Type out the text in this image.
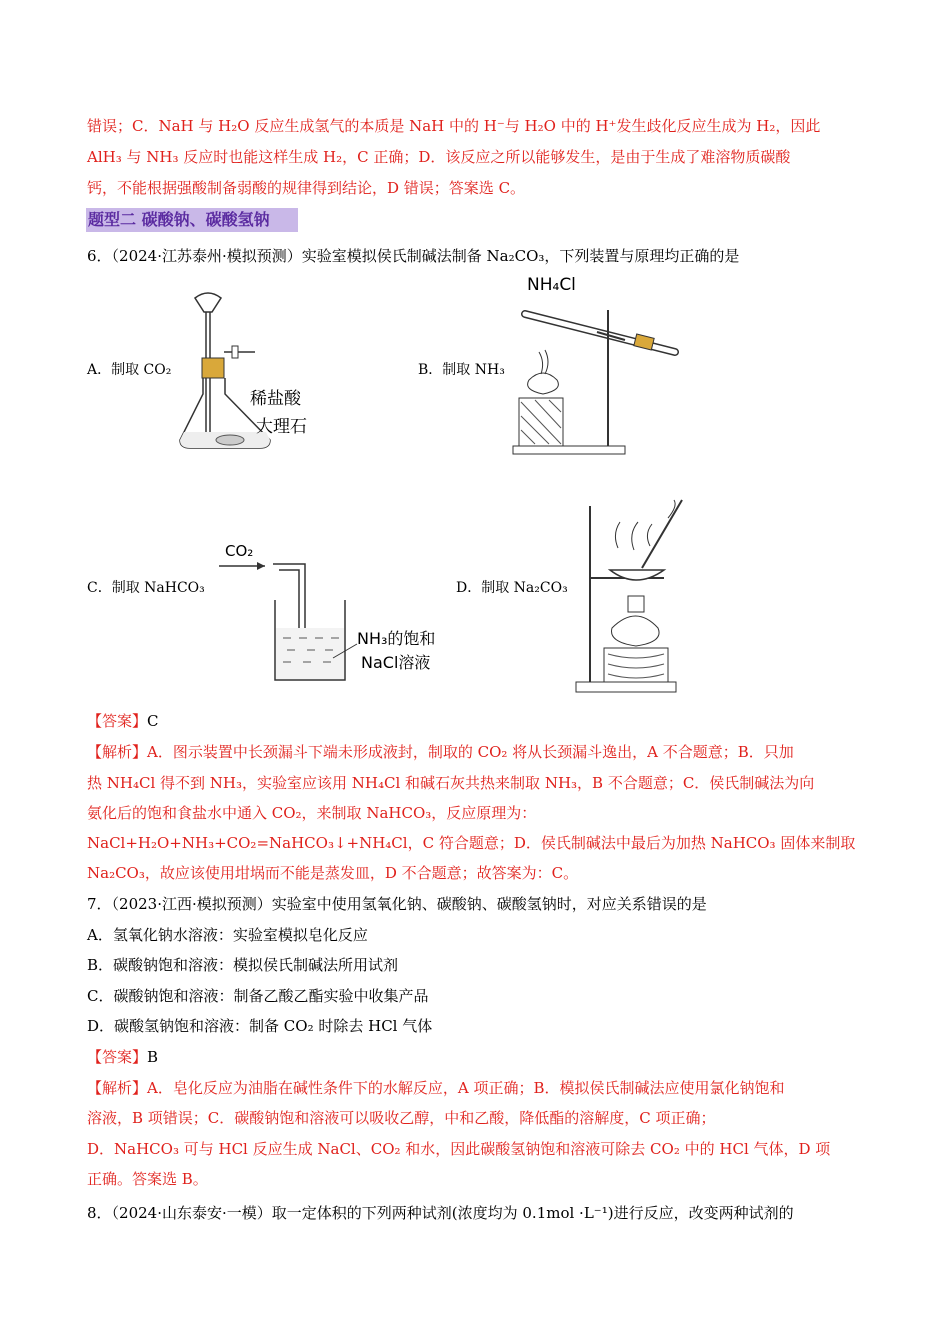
错误；C．NaH 与 H₂O 反应生成氢气的本质是 NaH 中的 H⁻与 H₂O 中的 H⁺发生歧化反应生成为 H₂，因此
AlH₃ 与 NH₃ 反应时也能这样生成 H₂，C 正确；D．该反应之所以能够发生，是由于生成了难溶物质碳酸
钙，不能根据强酸制备弱酸的规律得到结论，D 错误；答案选 C。
题型二 碳酸钠、碳酸氢钠
6．（2024·江苏泰州·模拟预测）实验室模拟侯氏制碱法制备 Na₂CO₃，下列装置与原理均正确的是
A．制取 CO₂	B．制取 NH₃
C．制取 NaHCO₃	D．制取 Na₂CO₃
稀盐酸
大理石
NH₄Cl
CO₂
NH₃的饱和
NaCl溶液
【答案】C
【解析】A．图示装置中长颈漏斗下端未形成液封，制取的 CO₂ 将从长颈漏斗逸出，A 不合题意；B．只加
热 NH₄Cl 得不到 NH₃，实验室应该用 NH₄Cl 和碱石灰共热来制取 NH₃，B 不合题意；C．侯氏制碱法为向
氨化后的饱和食盐水中通入 CO₂，来制取 NaHCO₃，反应原理为：
NaCl+H₂O+NH₃+CO₂=NaHCO₃↓+NH₄Cl，C 符合题意；D．侯氏制碱法中最后为加热 NaHCO₃ 固体来制取
Na₂CO₃，故应该使用坩埚而不能是蒸发皿，D 不合题意；故答案为：C。
7．（2023·江西·模拟预测）实验室中使用氢氧化钠、碳酸钠、碳酸氢钠时，对应关系错误的是
A．氢氧化钠水溶液：实验室模拟皂化反应
B．碳酸钠饱和溶液：模拟侯氏制碱法所用试剂
C．碳酸钠饱和溶液：制备乙酸乙酯实验中收集产品
D．碳酸氢钠饱和溶液：制备 CO₂ 时除去 HCl 气体
【答案】B
【解析】A．皂化反应为油脂在碱性条件下的水解反应，A 项正确；B．模拟侯氏制碱法应使用氯化钠饱和
溶液，B 项错误；C．碳酸钠饱和溶液可以吸收乙醇，中和乙酸，降低酯的溶解度，C 项正确；
D．NaHCO₃ 可与 HCl 反应生成 NaCl、CO₂ 和水，因此碳酸氢钠饱和溶液可除去 CO₂ 中的 HCl 气体，D 项
正确。答案选 B。
8．（2024·山东泰安·一模）取一定体积的下列两种试剂(浓度均为 0.1mol ·L⁻¹)进行反应，改变两种试剂的
